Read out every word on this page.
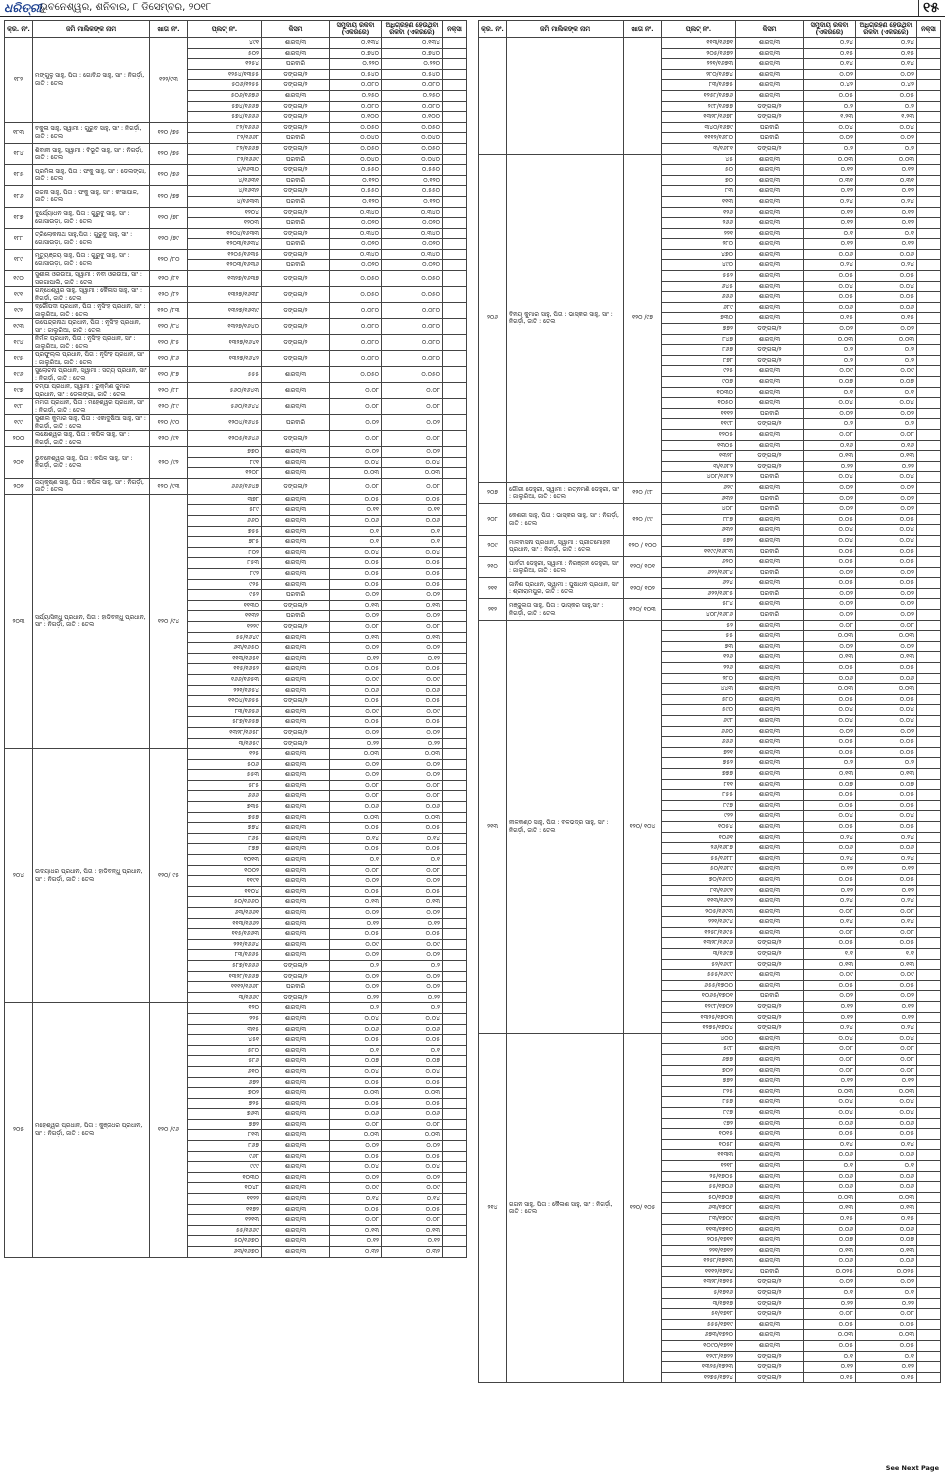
ଧରିତ୍ରୀ
ଭୁବନେଶ୍ୱର, ଶନିବାର, ୮ ଡିସେମ୍ବର, ୨୦୧୮	୧୫
କ୍ର. ନଂ.	ଜମି ମାଲିକଙ୍କ ନାମ	ଖାତା ନଂ.	ପ୍ଲଟ୍ ନଂ.	କିସମ	ସମୁଦାୟ ରକବା (ଏକରରେ)	ଅଧିଗ୍ରହଣ ହେଉଥିବା ରକବା (ଏକରରେ)	ନକ୍ସା
୧୮୨	ମଙ୍ଗୁଳୁ ସାହୁ, ପିତା : ଗୋବିନ୍ଦ ସାହୁ, ସାଂ : ନିଗର୍ଡ଼ା, ଜାତି : ତେଲ	୧୨୨/୯୩	୪୯୧	ଶାରଦ/୩	୦.୧୩୪	୦.୧୩୪	
			୫୦୨	ଶାରଦ/୩	୦.୭୪୦	୦.୭୪୦	
			୧୨୫୪	ଘରବାରି	୦.୨୨୦	୦.୨୨୦	
			୧୨୫୪/୧୩୫୫	ଡଙ୍ଗଳା/୨	୦.୫୪୦	୦.୫୪୦	
			୫୦୬/୧୨୫୫	ଡଙ୍ଗଳା/୨	୦.୦୮୦	୦.୦୮୦	
			୫୦୬/୧୬୭୬	ଶାରଦ/୩	୦.୨୫୦	୦.୨୫୦	
			୫୭୪/୧୬୬୭	ଡଙ୍ଗଳା/୨	୦.୦୮୦	୦.୦୮୦	
			୫୭୪/୧୬୬୬	ଡଙ୍ଗଳା/୨	୦.୧୦୦	୦.୧୦୦	
୧୮୩	ବକୁଳା ସାହୁ, ସ୍ୱାମୀ : ଗୁରୁବ ସାହୁ, ସାଂ : ନିଗର୍ଡ଼ା, ଜାତି : ତେଲ	୧୨୦ /୭୫	୮୨/୧୬୬୬	ଡଙ୍ଗଳା/୨	୦.୦୫୦	୦.୦୫୦	
			୮୨/୧୬୬୮	ଘରବାରି	୦.୦୪୦	୦.୦୪୦	
୧୮୪	ଶିବାନୀ ସାହୁ, ସ୍ୱାମୀ : ବିଭୂତି ସାହୁ, ସାଂ : ନିଗର୍ଡ଼ା, ଜାତି : ତେଲ	୧୨୦ /୭୫	୮୨/୧୬୬୭	ଡଙ୍ଗଳା/୨	୦.୦୫୦	୦.୦୫୦	
			୮୨/୧୬୬୯	ଘରବାରି	୦.୦୪୦	୦.୦୪୦	
୧୮୫	ପ୍ରମିଳା ସାହୁ, ପିତା : ଫକୁ ସାହୁ, ସାଂ : ଡେଲଙ୍ଗା, ଜାତି : ତେଲ	୧୨୦ /୭୬	୪/୧୬୩୦	ଡଙ୍ଗଳା/୨	୦.୫୫୦	୦.୫୫୦	
			୪/୧୬୩୧	ଘରବାରି	୦.୧୨୦	୦.୧୨୦	
୧୮୬	ରଜନା ସାହୁ, ପିତା : ଫକୁ ସାହୁ, ସାଂ : କଂସାପାଳ, ଜାତି : ତେଲ	୧୨୦ /୭୭	୪/୧୬୩୨	ଡଙ୍ଗଳା/୨	୦.୫୫୦	୦.୫୫୦	
			୪/୧୬୩୩	ଘରବାରି	୦.୧୨୦	୦.୧୨୦	
୧୮୭	ଦୁର୍ଯ୍ୟୋଧନ ସାହୁ, ପିତା : ଗୁରୁବୁ ସାହୁ, ସାଂ : ଗୋସାଉଡ଼ା, ଜାତି : ତେଲ	୧୨୦ /୭୮	୧୨୦୪	ଡଙ୍ଗଳା/୨	୦.୩୪୦	୦.୩୪୦	
			୧୨୦୩	ଘରବାରି	୦.୦୨୦	୦.୦୨୦	
୧୮୮	ତ୍ରିଲୋକନାଥ ସାହୁ,ପିତା : ଗୁରୁବୁ ସାହୁ, ସାଂ : ଗୋସାଉଡ଼ା, ଜାତି : ତେଲ	୧୨୦ /୭୯	୧୨୦୪/୧୬୩୩	ଡଙ୍ଗଳା/୨	୦.୩୪୦	୦.୩୪୦	
			୧୨୦୩/୧୬୩୪	ଘରବାରି	୦.୦୨୦	୦.୦୨୦	
୧୮୯	ମୃତ୍ୟୁଞ୍ଜୟ ସାହୁ, ପିତା : ଗୁରୁବୁ ସାହୁ, ସାଂ : ଗୋସାଉଡ଼ା, ଜାତି : ତେଲ	୧୨୦ /୮୦	୧୨୦୫/୧୬୩୫	ଡଙ୍ଗଳା/୨	୦.୩୪୦	୦.୩୪୦	
			୧୨୦୩/୧୬୩୬	ଘରବାରି	୦.୦୨୦	୦.୦୨୦	
୧୯୦	ସୁଶୀଳା ଓରଉଆ, ସ୍ୱାମୀ : ନବୀ ଓରଉଆ, ସାଂ : ସରଗାପାଲି, ଜାତି : ତେଲ	୧୨୦ /୮୧	୧୩୨୭/୧୬୩୭	ଡଙ୍ଗଳା/୨	୦.୦୫୦	୦.୦୫୦	
୧୯୧	ଗନ୍ଧେଶ୍ୱର ସାହୁ, ସ୍ୱାମୀ : କୈଳାସ ସାହୁ, ସାଂ : ନିଗର୍ଡ଼ା, ଜାତି : ତେଲ	୧୨୦ /୮୨	୧୩୨୭/୧୬୩୮	ଡଙ୍ଗଳା/୨	୦.୦୫୦	୦.୦୫୦	
୧୯୨	ଦ୍ରୌପଦୀ ପ୍ରଧାନ, ପିତା : ନୃସିଂହ ପ୍ରଧାନ, ସାଂ : ଜାଲୁରିଆ, ଜାତି : ତେଲ	୧୨୦ /୮୩	୧୩୨୭/୧୬୩୯	ଡଙ୍ଗଳା/୨	୦.୦୮୦	୦.୦୮୦	
୧୯୩	ଉପେନ୍ଦ୍ରନାଥ ପ୍ରଧାନ, ପିତା : ନୃସିଂହ ପ୍ରଧାନ, ସାଂ : ଜାଲୁରିଆ, ଜାତି : ତେଲ	୧୨୦ /୮୪	୧୩୨୭/୧୬୪୦	ଡଙ୍ଗଳା/୨	୦.୦୮୦	୦.୦୮୦	
୧୯୪	ନିର୍ମଳ ପ୍ରଧାନ, ପିତା : ନୃସିଂହ ପ୍ରଧାନ, ସାଂ : ଜାଲୁରିଆ, ଜାତି : ତେଲ	୧୨୦ /୮୫	୧୩୨୭/୧୬୪୧	ଡଙ୍ଗଳା/୨	୦.୦୮୦	୦.୦୮୦	
୧୯୫	ପ୍ରଫୁଲ୍ଲ ପ୍ରଧାନ, ପିତା : ନୃସିଂହ ପ୍ରଧାନ, ସାଂ : ଜାଲୁରିଆ, ଜାତି : ତେଲ	୧୨୦ /୮୬	୧୩୨୭/୧୬୪୨	ଡଙ୍ଗଳା/୨	୦.୦୮୦	୦.୦୮୦	
୧୯୬	ସୁଲୋଚନା ପ୍ରଧାନ, ସ୍ୱାମୀ : ସତ୍ୟ ପ୍ରଧାନ, ସାଂ : ନିଗର୍ଡ଼ା, ଜାତି : ତେଲ	୧୨୦ /୮୭	୫୫୫	ଶାରଦ/୩	୦.୦୫୦	୦.୦୫୦	
୧୯୭	ଚମ୍ପା ପ୍ରଧାନ, ସ୍ୱାମୀ : ରୁକ୍ମିଣ ଜୁମାର ପ୍ରଧାନ, ସାଂ : ଡେଲଙ୍ଗା, ଜାତି : ତେଲ	୧୨୦ /୮୮	୫୬୦/୧୬୪୩	ଶାରଦ/୩	୦.୦୮	୦.୦୮	
୧୯୮	ମମତା ପ୍ରଧାନ, ପିତା : ମହେଶ୍ୱର ପ୍ରଧାନ, ସାଂ : ନିଗର୍ଡ଼ା, ଜାତି : ତେଲ	୧୨୦ /୮୯	୫୬୦/୧୬୪୪	ଶାରଦ/୩	୦.୦୮	୦.୦୮	
୧୯୯	ସୁଶୀଲ କୁମାର ସାହୁ, ପିତା : ଏକାଦୁଷିଆ ସାହୁ, ସାଂ : ନିଗର୍ଡ଼ା, ଜାତି : ତେଲ	୧୨୦ /୯୦	୧୨୦୪/୧୬୪୫	ଘରବାରି	୦.୦୨	୦.୦୨	
୨୦୦	ଲକ୍ଷେଶ୍ୱର ସାହୁ, ପିତା : କପିଳ ସାହୁ, ସାଂ : ନିଗର୍ଡ଼ା, ଜାତି : ତେଲ	୧୨୦ /୯୧	୧୨୦୫/୧୬୪୬	ଡଙ୍ଗଳା/୨	୦.୦୮	୦.୦୮	
୨୦୧	ଭୁବନେଶ୍ୱର ସାହୁ, ପିତା : କପିଳ ସାହୁ, ସାଂ : ନିଗର୍ଡ଼ା, ଜାତି : ତେଲ	୧୨୦ /୯୨	୭୭୦	ଶାରଦ/୩	୦.୦୨	୦.୦୨	
			୮୯୧	ଶାରଦ/୩	୦.୦୪	୦.୦୪	
			୧୨୦୮	ଶାରଦ/୩	୦.୦୩	୦.୦୩	
୨୦୨	ଜୟକୃଷ୍ଣ ସାହୁ, ପିତା : କପିଳ ସାହୁ, ସାଂ : ନିଗର୍ଡ଼ା, ଜାତି : ତେଲ	୧୨୦ /୯୩	୬୬୬/୧୬୪୭	ଡଙ୍ଗଳା/୨	୦.୦୮	୦.୦୮	
୨୦୩	ସର୍ଯ୍ୟାସିନ୍ଧୁ ପ୍ରଧାନ, ପିତା : ହାଡିବନ୍ଧୁ ପ୍ରଧାନ, ସାଂ : ନିଗର୍ଡ଼ା, ଜାତି : ତେଲ	୧୨୦ /୯୪	୩୭୮	ଶାରଦ/୩	୦.୦୫	୦.୦୫	
			୫୮୯	ଶାରଦ/୩	୦.୧୧	୦.୧୧	
			୬୬୦	ଶାରଦ/୩	୦.୦୬	୦.୦୬	
			୭୫୫	ଶାରଦ/୩	୦.୧	୦.୧	
			୭୮୫	ଶାରଦ/୩	୦.୧	୦.୧	
			୮୦୨	ଶାରଦ/୩	୦.୦୪	୦.୦୪	
			୮୫୩	ଶାରଦ/୩	୦.୦୫	୦.୦୫	
			୮୯୨	ଶାରଦ/୩	୦.୦୫	୦.୦୫	
			୯୨୫	ଶାରଦ/୩	୦.୦୫	୦.୦୫	
			୯୫୨	ଘରବାରି	୦.୦୨	୦.୦୨	
			୧୧୩୦	ଡଙ୍ଗଳା/୨	୦.୧୩	୦.୧୩	
			୧୧୩୨	ଘରବାରି	୦.୦୨	୦.୦୨	
			୧୨୨୯	ଡଙ୍ଗଳା/୨	୦.୦୮	୦.୦୮	
			୫୫/୧୬୪୯	ଶାରଦ/୩	୦.୧୩	୦.୧୩	
			୬୩/୧୬୫୦	ଶାରଦ/୩	୦.୦୨	୦.୦୨	
			୧୧୩/୧୬୫୧	ଶାରଦ/୩	୦.୧୨	୦.୧୨	
			୧୧୫/୧୬୫୨	ଶାରଦ/୩	୦.୦୫	୦.୦୫	
			୧୬୬/୧୬୫୩	ଶାରଦ/୩	୦.୦୯	୦.୦୯	
			୨୨୧/୧୬୫୪	ଶାରଦ/୩	୦.୦୬	୦.୦୬	
			୧୧୦୪/୧୬୫୫	ଡଙ୍ଗଳା/୨	୦.୦୫	୦.୦୫	
			୮୩/୧୬୫୬	ଶାରଦ/୩	୦.୦୯	୦.୦୯	
			୫୮୭/୧୬୫୭	ଶାରଦ/୩	୦.୦୫	୦.୦୫	
			୧୩୨୮/୧୬୫୮	ଡଙ୍ଗଳା/୨	୦.୦୨	୦.୦୨	
			୩/୧୬୫୯	ଡଙ୍ଗଳା/୨	୦.୨୨	୦.୨୨	
୨୦୪	ଉଦୟାଧର ପ୍ରଧାନ, ପିତା : ହାଡିବନ୍ଧୁ ପ୍ରଧାନ, ସାଂ : ନିଗର୍ଡ଼ା, ଜାତି : ତେଲ	୧୨୦/ ୯୫	୧୨୫	ଶାରଦ/୩	୦.୦୩	୦.୦୩	
			୫୦୬	ଶାରଦ/୩	୦.୦୨	୦.୦୨	
			୫୫୩	ଶାରଦ/୩	୦.୦୨	୦.୦୨	
			୫୮୫	ଶାରଦ/୩	୦.୦୮	୦.୦୮	
			୬୬୬	ଶାରଦ/୩	୦.୦୮	୦.୦୮	
			୭୩୫	ଶାରଦ/୩	୦.୦୬	୦.୦୬	
			୭୫୭	ଶାରଦ/୩	୦.୦୩	୦.୦୩	
			୭୭୪	ଶାରଦ/୩	୦.୦୫	୦.୦୫	
			୮୬୫	ଶାରଦ/୩	୦.୧୪	୦.୧୪	
			୮୭୭	ଶାରଦ/୩	୦.୦୫	୦.୦୫	
			୧୦୧୩	ଶାରଦ/୩	୦.୧	୦.୧	
			୧୦୦୨	ଶାରଦ/୩	୦.୦୮	୦.୦୮	
			୧୧୯୧	ଶାରଦ/୩	୦.୦୨	୦.୦୨	
			୧୧୦୪	ଶାରଦ/୩	୦.୦୫	୦.୦୫	
			୫୦/୧୬୬୦	ଶାରଦ/୩	୦.୧୩	୦.୧୩	
			୬୩/୧୬୬୧	ଶାରଦ/୩	୦.୦୨	୦.୦୨	
			୧୧୩/୧୬୬୨	ଶାରଦ/୩	୦.୧୨	୦.୧୨	
			୧୧୫/୧୬୬୩	ଶାରଦ/୩	୦.୦୫	୦.୦୫	
			୨୨୧/୧୬୬୪	ଶାରଦ/୩	୦.୦୯	୦.୦୯	
			୮୩/୧୬୬୫	ଶାରଦ/୩	୦.୦୨	୦.୦୨	
			୫୮୭/୧୬୬୬	ଡଙ୍ଗଳା/୨	୦.୨	୦.୨	
			୧୩୨୮/୧୬୬୭	ଡଙ୍ଗଳା/୨	୦.୦୨	୦.୦୨	
			୧୧୧୨/୧୬୬୮	ଘରବାରି	୦.୦୨	୦.୦୨	
			୩/୧୬୬୯	ଡଙ୍ଗଳା/୨	୦.୨୨	୦.୨୨	
୨୦୫	ମହେଶ୍ୱର ପ୍ରଧାନ, ପିତା : କୁଞ୍ଜଧର ପ୍ରଧାନ, ସାଂ : ନିଗର୍ଡ଼ା, ଜାତି : ତେଲ	୧୨୦ /୯୬	୧୨୦	ଶାରଦ/୩	୦.୨	୦.୨	
			୨୨୫	ଶାରଦ/୩	୦.୦୪	୦.୦୪	
			୩୧୫	ଶାରଦ/୩	୦.୦୬	୦.୦୬	
			୪୫୧	ଶାରଦ/୩	୦.୦୫	୦.୦୫	
			୫୮୦	ଶାରଦ/୩	୦.୧	୦.୧	
			୫୮୬	ଶାରଦ/୩	୦.୦୭	୦.୦୭	
			୬୧୦	ଶାରଦ/୩	୦.୦୪	୦.୦୪	
			୬୭୨	ଶାରଦ/୩	୦.୦୫	୦.୦୫	
			୭୦୨	ଶାରଦ/୩	୦.୦୩	୦.୦୩	
			୭୨୫	ଶାରଦ/୩	୦.୦୫	୦.୦୫	
			୭୬୩	ଶାରଦ/୩	୦.୦୬	୦.୦୬	
			୭୭୨	ଶାରଦ/୩	୦.୦୮	୦.୦୮	
			୮୧୩	ଶାରଦ/୩	୦.୦୩	୦.୦୩	
			୮୬୭	ଶାରଦ/୩	୦.୦୨	୦.୦୨	
			୯୬୮	ଶାରଦ/୩	୦.୦୫	୦.୦୫	
			୯୯୯	ଶାରଦ/୩	୦.୦୪	୦.୦୪	
			୧୦୩୦	ଶାରଦ/୩	୦.୦୨	୦.୦୨	
			୧୦୪୮	ଶାରଦ/୩	୦.୦୯	୦.୦୯	
			୧୧୨୨	ଶାରଦ/୩	୦.୧୪	୦.୧୪	
			୧୧୭୨	ଶାରଦ/୩	୦.୦୫	୦.୦୫	
			୧୨୧୩	ଶାରଦ/୩	୦.୦୮	୦.୦୮	
			୫୫/୧୬୬୯	ଶାରଦ/୩	୦.୧୩	୦.୧୩	
			୫୦/୧୬୭୦	ଶାରଦ/୩	୦.୧୨	୦.୧୨	
			୬୩/୧୬୭୦	ଶାରଦ/୩	୦.୩୨	୦.୩୨	
କ୍ର. ନଂ.	ଜମି ମାଲିକଙ୍କ ନାମ	ଖାତା ନଂ.	ପ୍ଲଟ୍ ନଂ.	କିସମ	ସମୁଦାୟ ରକବା (ଏକରରେ)	ଅଧିଗ୍ରହଣ ହେଉଥିବା ରକବା (ଏକରରେ)	ନକ୍ସା
			୧୧୩/୧୬୭୧	ଶାରଦ/୩	୦.୨୪	୦.୨୪	
			୨୦୫/୧୬୭୨	ଶାରଦ/୩	୦.୧୫	୦.୧୫	
			୨୨୧/୧୬୭୩	ଶାରଦ/୩	୦.୧୪	୦.୧୪	
			୨୮୦/୧୬୭୪	ଶାରଦ/୩	୦.୦୨	୦.୦୨	
			୮୩/୧୬୭୫	ଶାରଦ/୩	୦.୪୨	୦.୪୨	
			୧୨୫୮/୧୬୭୬	ଶାରଦ/୩	୦.୦୫	୦.୦୫	
			୨୯୮/୧୬୭୭	ଡଙ୍ଗଳା/୨	୦.୨	୦.୨	
			୧୩୨୮/୧୬୭୮	ଡଙ୍ଗଳା/୨	୧.୨୩	୧.୨୩	
			୩୪୦/୧୬୭୯	ଘରବାରି	୦.୦୪	୦.୦୪	
			୧୧୧୨/୧୬୮୦	ଘରବାରି	୦.୦୨	୦.୦୨	
			୩/୧୬୮୧	ଡଙ୍ଗଳା/୨	୦.୨	୦.୨	
୨୦୬	ବିନୟ କୁମାର ସାହୁ, ପିତା : ଭାସ୍କର ସାହୁ, ସାଂ : ନିଗର୍ଡ଼ା, ଜାତି : ତେଲ	୧୨୦ /୯୭	୪୫	ଶାରଦ/୩	୦.୦୩	୦.୦୩	
			୫୦	ଶାରଦ/୩	୦.୧୨	୦.୧୨	
			୭୦	ଶାରଦ/୩	୦.୩୧	୦.୩୧	
			୮୩	ଶାରଦ/୩	୦.୧୨	୦.୧୨	
			୧୧୩	ଶାରଦ/୩	୦.୨୪	୦.୨୪	
			୧୨୬	ଶାରଦ/୩	୦.୧୨	୦.୧୨	
			୨୬୬	ଶାରଦ/୩	୦.୧୨	୦.୧୨	
			୨୨୧	ଶାରଦ/୩	୦.୧	୦.୧	
			୨୮୦	ଶାରଦ/୩	୦.୧୨	୦.୧୨	
			୪୭୦	ଶାରଦ/୩	୦.୦୬	୦.୦୬	
			୪୯୦	ଶାରଦ/୩	୦.୨୪	୦.୨୪	
			୫୫୨	ଶାରଦ/୩	୦.୦୫	୦.୦୫	
			୬୪୫	ଶାରଦ/୩	୦.୦୪	୦.୦୪	
			୬୬୬	ଶାରଦ/୩	୦.୦୫	୦.୦୫	
			୬୮୯	ଶାରଦ/୩	୦.୦୬	୦.୦୬	
			୭୩୦	ଶାରଦ/୩	୦.୧୫	୦.୧୫	
			୭୭୨	ଡଙ୍ଗଳା/୨	୦.୦୨	୦.୦୨	
			୮୪୭	ଶାରଦ/୩	୦.୦୩	୦.୦୩	
			୮୬୭	ଡଙ୍ଗଳା/୨	୦.୨	୦.୨	
			୮୭୮	ଡଙ୍ଗଳା/୨	୦.୨	୦.୨	
			୯୨୫	ଶାରଦ/୩	୦.୦୯	୦.୦୯	
			୯୦୭	ଶାରଦ/୩	୦.୦୭	୦.୦୭	
			୧୦୩୦	ଶାରଦ/୩	୦.୧	୦.୧	
			୧୦୫୦	ଶାରଦ/୩	୦.୦୪	୦.୦୪	
			୧୧୧୨	ଘରବାରି	୦.୦୨	୦.୦୨	
			୧୧୯୮	ଡଙ୍ଗଳା/୨	୦.୨	୦.୨	
			୧୨୦୫	ଶାରଦ/୩	୦.୦୮	୦.୦୮	
			୧୩୦୫	ଶାରଦ/୩	୦.୧୬	୦.୧୬	
			୧୩୨୮	ଡଙ୍ଗଳା/୨	୦.୧୩	୦.୧୩	
			୩/୧୬୮୨	ଡଙ୍ଗଳା/୨	୦.୨୨	୦.୨୨	
			୪୦୮/୧୬୮୨	ଘରବାରି	୦.୦୪	୦.୦୪	
୨୦୭	ଗୌରୀ ଡେହୁରୀ, ସ୍ୱାମୀ : ରତ୍ନମଣି ଡେହୁରୀ, ସାଂ : ଜାଲୁରିଆ, ଜାତି : ତେଲ	୧୨୦ /୯୮	୬୨୯	ଶାରଦ/୩	୦.୦୨	୦.୦୨	
			୬୩୨	ଘରବାରି	୦.୦୨	୦.୦୨	
୨୦୮	କେଶରୀ ସାହୁ, ପିତା : ଭାସ୍କର ସାହୁ, ସାଂ : ନିଗର୍ଡ଼ା, ଜାତି : ତେଲ	୧୨୦ /୯୯	୪୦୮	ଘରବାରି	୦.୦୨	୦.୦୨	
			୮୮୭	ଶାରଦ/୩	୦.୦୫	୦.୦୫	
			୬୩୨	ଶାରଦ/୩	୦.୦୪	୦.୦୪	
୨୦୯	ମାଳବାସନା ପ୍ରଧାନ, ସ୍ୱାମୀ : ପ୍ରୀତମୋହନ ପ୍ରଧାନ, ସାଂ : ନିଗର୍ଡ଼ା, ଜାତି : ତେଲ	୧୨୦ / ୧୦୦	୫୭୨	ଶାରଦ/୩	୦.୦୪	୦.୦୪	
			୧୧୯୯/୧୬୮୩	ଘରବାରି	୦.୦୫	୦.୦୫	
୨୧୦	ପାର୍ବତୀ ଡେହୁରୀ, ସ୍ୱାମୀ : ନିରଞ୍ଜନ ଡେହୁରୀ, ସାଂ : ଜାଲୁରିଆ, ଜାତି : ତେଲ	୧୨୦/ ୧୦୧	୬୨୦	ଶାରଦ/୩	୦.୦୫	୦.୦୫	
			୬୨୨/୧୬୮୪	ଘରବାରି	୦.୦୨	୦.୦୨	
୨୧୧	ଜାନିଶ ପ୍ରଧାନ, ସ୍ୱାମୀ : ପୁଷାଧନ ପ୍ରଧାନ, ସାଂ : ଶ୍ରୀରାମପୁର, ଜାତି : ତେଲ	୧୨୦/ ୧୦୨	୬୨୪	ଶାରଦ/୩	୦.୦୫	୦.୦୫	
			୬୨୨/୧୬୮୫	ଘରବାରି	୦.୦୨	୦.୦୨	
୨୧୨	ମଞ୍ଜୁଲତା ସାହୁ, ପିତା : ଭାସ୍କର ସାହୁ,ସାଂ : ନିଗର୍ଡ଼ା, ଜାତି : ତେଲ	୧୨୦/ ୧୦୩	୫୮୪	ଶାରଦ/୩	୦.୦୨	୦.୦୨	
			୪୦୮/୧୬୮୬	ଘରବାରି	୦.୦୨	୦.୦୨	
୨୧୩	ନୀଳକଣ୍ଠ ସାହୁ, ପିତା : ବଳଭଦ୍ର ସାହୁ, ସାଂ : ନିଗର୍ଡ଼ା, ଜାତି : ତେଲ	୧୨୦/ ୧୦୪	୫୨	ଶାରଦ/୩	୦.୦୮	୦.୦୮	
			୫୫	ଶାରଦ/୩	୦.୦୩	୦.୦୩	
			୭୩	ଶାରଦ/୩	୦.୦୨	୦.୦୨	
			୧୨୬	ଶାରଦ/୩	୦.୧୩	୦.୧୩	
			୨୨୬	ଶାରଦ/୩	୦.୦୫	୦.୦୫	
			୨୮୦	ଶାରଦ/୩	୦.୦୬	୦.୦୬	
			୪୪୩	ଶାରଦ/୩	୦.୦୩	୦.୦୩	
			୫୮୦	ଶାରଦ/୩	୦.୦୫	୦.୦୫	
			୫୯୦	ଶାରଦ/୩	୦.୦୪	୦.୦୪	
			୬୯୮	ଶାରଦ/୩	୦.୦୪	୦.୦୪	
			୬୬୦	ଶାରଦ/୩	୦.୦୨	୦.୦୨	
			୬୬୬	ଶାରଦ/୩	୦.୦୫	୦.୦୫	
			୭୨୧	ଶାରଦ/୩	୦.୦୫	୦.୦୫	
			୭୫୨	ଶାରଦ/୩	୦.୨	୦.୨	
			୭୭୭	ଶାରଦ/୩	୦.୧୩	୦.୧୩	
			୮୧୧	ଶାରଦ/୩	୦.୦୭	୦.୦୭	
			୮୫୫	ଶାରଦ/୩	୦.୦୫	୦.୦୫	
			୮୯୭	ଶାରଦ/୩	୦.୦୫	୦.୦୫	
			୯୨୨	ଶାରଦ/୩	୦.୦୪	୦.୦୪	
			୧୦୫୪	ଶାରଦ/୩	୦.୦୫	୦.୦୫	
			୧୦୬୧	ଶାରଦ/୩	୦.୨୪	୦.୨୪	
			୨୬/୧୬୮୭	ଶାରଦ/୩	୦.୦୬	୦.୦୬	
			୫୫/୧୬୮୮	ଶାରଦ/୩	୦.୨୪	୦.୨୪	
			୫୦/୧୬୮୯	ଶାରଦ/୩	୦.୧୨	୦.୧୨	
			୭୦/୧୬୯୦	ଶାରଦ/୩	୦.୦୫	୦.୦୫	
			୮୩/୧୬୯୧	ଶାରଦ/୩	୦.୧୨	୦.୧୨	
			୧୧୩/୧୬୯୨	ଶାରଦ/୩	୦.୨୪	୦.୨୪	
			୨୦୫/୧୬୯୩	ଶାରଦ/୩	୦.୦୮	୦.୦୮	
			୨୨୧/୧୬୯୪	ଶାରଦ/୩	୦.୧୪	୦.୧୪	
			୧୨୫୮/୧୬୯୫	ଶାରଦ/୩	୦.୦୮	୦.୦୮	
			୧୩୨୮/୧୬୯୬	ଡଙ୍ଗଳା/୨	୦.୦୫	୦.୦୫	
			୩/୧୬୯୭	ଡଙ୍ଗଳା/୨	୧.୧	୧.୧	
			୫୨/୧୬୯୮	ଡଙ୍ଗଳା/୨	୦.୧୩	୦.୧୩	
			୫୫୫/୧୬୯୯	ଶାରଦ/୩	୦.୦୯	୦.୦୯	
			୬୫୫/୧୭୦୦	ଶାରଦ/୩	୦.୦୫	୦.୦୫	
			୧୦୬୫/୧୭୦୧	ଘରବାରି	୦.୦୨	୦.୦୨	
			୧୨୯୮/୧୭୦୨	ଡଙ୍ଗଳା/୨	୦.୧୨	୦.୧୨	
			୧୩୨୫/୧୭୦୩	ଡଙ୍ଗଳା/୨	୦.୧୨	୦.୧୨	
			୧୨୭୫/୧୭୦୪	ଡଙ୍ଗଳା/୨	୦.୨୪	୦.୨୪	
୨୧୪	ଗଗନ ସାହୁ, ପିତା : କୈଳାଶ ସାହୁ, ସାଂ : ନିଗର୍ଡ଼ା, ଜାତି : ତେଲ	୧୨୦/ ୧୦୫	୪୦୦	ଶାରଦ/୩	୦.୦୪	୦.୦୪	
			୫୯୮	ଶାରଦ/୩	୦.୦୮	୦.୦୮	
			୬୭୭	ଶାରଦ/୩	୦.୦୮	୦.୦୮	
			୭୦୨	ଶାରଦ/୩	୦.୦୮	୦.୦୮	
			୭୭୨	ଶାରଦ/୩	୦.୧୨	୦.୧୨	
			୮୨୫	ଶାରଦ/୩	୦.୦୩	୦.୦୩	
			୮୫୭	ଶାରଦ/୩	୦.୦୪	୦.୦୪	
			୮୯୭	ଶାରଦ/୩	୦.୦୪	୦.୦୪	
			୯୭୨	ଶାରଦ/୩	୦.୦୬	୦.୦୬	
			୧୦୧୫	ଶାରଦ/୩	୦.୦୫	୦.୦୫	
			୧୦୫୮	ଶାରଦ/୩	୦.୧୪	୦.୧୪	
			୧୧୩୩	ଶାରଦ/୩	୦.୦୬	୦.୦୬	
			୧୨୧୮	ଶାରଦ/୩	୦.୧	୦.୧	
			୨୫/୧୭୦୫	ଶାରଦ/୩	୦.୦୬	୦.୦୬	
			୫୫/୧୭୦୬	ଶାରଦ/୩	୦.୦୬	୦.୦୬	
			୫୦/୧୭୦୭	ଶାରଦ/୩	୦.୦୩	୦.୦୩	
			୬୩/୧୭୦୮	ଶାରଦ/୩	୦.୧୩	୦.୧୩	
			୮୩/୧୭୦୯	ଶାରଦ/୩	୦.୧୫	୦.୧୫	
			୧୧୩/୧୭୧୦	ଶାରଦ/୩	୦.୦୬	୦.୦୬	
			୨୦୫/୧୭୧୧	ଶାରଦ/୩	୦.୦୭	୦.୦୭	
			୨୨୧/୧୭୧୨	ଶାରଦ/୩	୦.୧୩	୦.୧୩	
			୧୨୫୮/୧୭୧୩	ଶାରଦ/୩	୦.୦୬	୦.୦୬	
			୧୧୧୨/୧୭୧୪	ଘରବାରି	୦.୦୨୫	୦.୦୨୫	
			୧୩୨୮/୧୭୧୫	ଡଙ୍ଗଳା/୨	୦.୦୨	୦.୦୨	
			୫/୧୭୧୬	ଡଙ୍ଗଳା/୨	୦.୧	୦.୧	
			୩/୧୭୧୭	ଡଙ୍ଗଳା/୨	୦.୨୨	୦.୨୨	
			୫୧/୧୭୧୮	ଡଙ୍ଗଳା/୨	୦.୦୮	୦.୦୮	
			୫୫୫/୧୭୧୯	ଶାରଦ/୩	୦.୦୫	୦.୦୫	
			୬୭୩/୧୭୨୦	ଶାରଦ/୩	୦.୦୩	୦.୦୩	
			୧୦୯୦/୧୭୨୧	ଶାରଦ/୩	୦.୦୫	୦.୦୫	
			୧୨୯୮/୧୭୨୨	ଡଙ୍ଗଳା/୨	୦.୧	୦.୧	
			୧୩୨୫/୧୭୨୩	ଡଙ୍ଗଳା/୨	୦.୧୨	୦.୧୨	
			୧୨୭୫/୧୭୨୪	ଡଙ୍ଗଳା/୨	୦.୧୫	୦.୧୫	
See Next Page
